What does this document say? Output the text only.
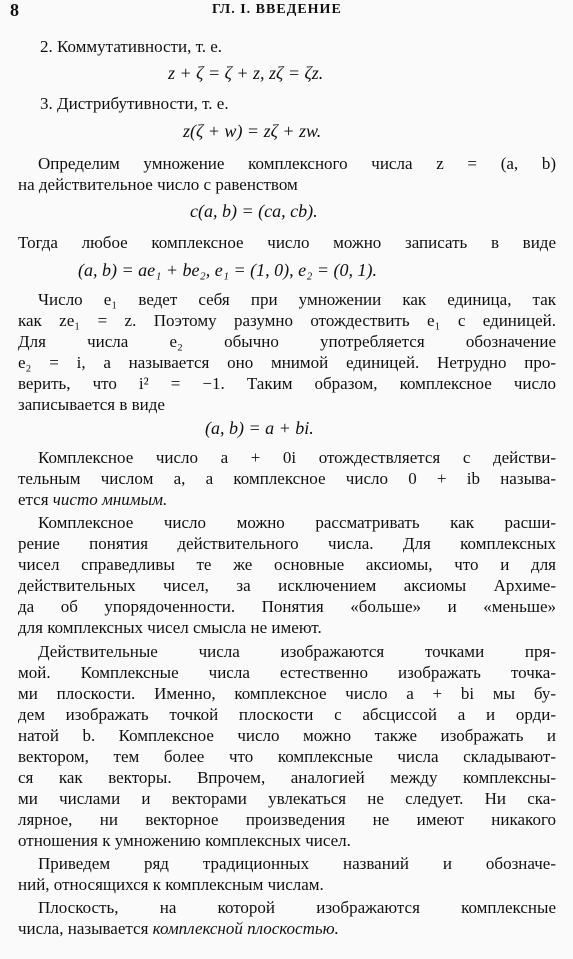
8	ГЛ. I. ВВЕДЕНИЕ
2. Коммутативности, т. е.
z + ζ = ζ + z, zζ = ζz.
3. Дистрибутивности, т. е.
z(ζ + w) = zζ + zw.
Определим умножение комплексного числа z = (a, b)
на действительное число c равенством
c(a, b) = (ca, cb).
Тогда любое комплексное число можно записать в виде
(a, b) = ae₁ + be₂, e₁ = (1, 0), e₂ = (0, 1).
Число e₁ ведет себя при умножении как единица, так
как ze₁ = z. Поэтому разумно отождествить e₁ с единицей.
Для числа e₂ обычно употребляется обозначение
e₂ = i, а называется оно мнимой единицей. Нетрудно про-
верить, что i² = −1. Таким образом, комплексное число
записывается в виде
(a, b) = a + bi.
Комплексное число a + 0i отождествляется с действи-
тельным числом a, а комплексное число 0 + ib называ-
ется чисто мнимым.
Комплексное число можно рассматривать как расши-
рение понятия действительного числа. Для комплексных
чисел справедливы те же основные аксиомы, что и для
действительных чисел, за исключением аксиомы Архиме-
да об упорядоченности. Понятия «больше» и «меньше»
для комплексных чисел смысла не имеют.
Действительные числа изображаются точками пря-
мой. Комплексные числа естественно изображать точка-
ми плоскости. Именно, комплексное число a + bi мы бу-
дем изображать точкой плоскости с абсциссой a и орди-
натой b. Комплексное число можно также изображать и
вектором, тем более что комплексные числа складывают-
ся как векторы. Впрочем, аналогией между комплексны-
ми числами и векторами увлекаться не следует. Ни ска-
лярное, ни векторное произведения не имеют никакого
отношения к умножению комплексных чисел.
Приведем ряд традиционных названий и обозначе-
ний, относящихся к комплексным числам.
Плоскость, на которой изображаются комплексные
числа, называется комплексной плоскостью.
